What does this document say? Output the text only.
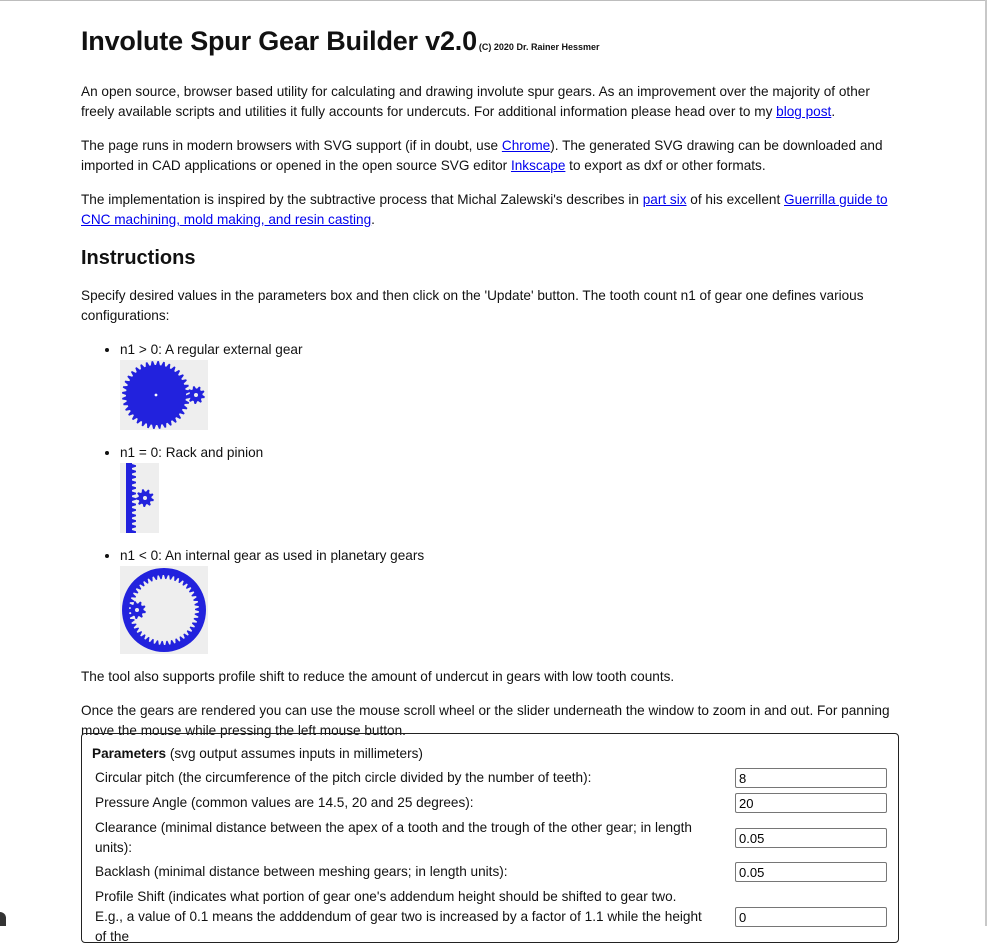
Involute Spur Gear Builder v2.0 (C) 2020 Dr. Rainer Hessmer

An open source, browser based utility for calculating and drawing involute spur gears. As an improvement over the majority of other freely available scripts and utilities it fully accounts for undercuts. For additional information please head over to my blog post.

The page runs in modern browsers with SVG support (if in doubt, use Chrome). The generated SVG drawing can be downloaded and imported in CAD applications or opened in the open source SVG editor Inkscape to export as dxf or other formats.

The implementation is inspired by the subtractive process that Michal Zalewski's describes in part six of his excellent Guerrilla guide to CNC machining, mold making, and resin casting.

Instructions

Specify desired values in the parameters box and then click on the 'Update' button. The tooth count n1 of gear one defines various configurations:

• n1 > 0: A regular external gear
• n1 = 0: Rack and pinion
• n1 < 0: An internal gear as used in planetary gears

The tool also supports profile shift to reduce the amount of undercut in gears with low tooth counts.

Once the gears are rendered you can use the mouse scroll wheel or the slider underneath the window to zoom in and out. For panning move the mouse while pressing the left mouse button.

Parameters (svg output assumes inputs in millimeters)
Circular pitch (the circumference of the pitch circle divided by the number of teeth):
8
Pressure Angle (common values are 14.5, 20 and 25 degrees):
20
Clearance (minimal distance between the apex of a tooth and the trough of the other gear; in length units):
0.05
Backlash (minimal distance between meshing gears; in length units):
0.05
Profile Shift (indicates what portion of gear one's addendum height should be shifted to gear two. E.g., a value of 0.1 means the adddendum of gear two is increased by a factor of 1.1 while the height of the
0
